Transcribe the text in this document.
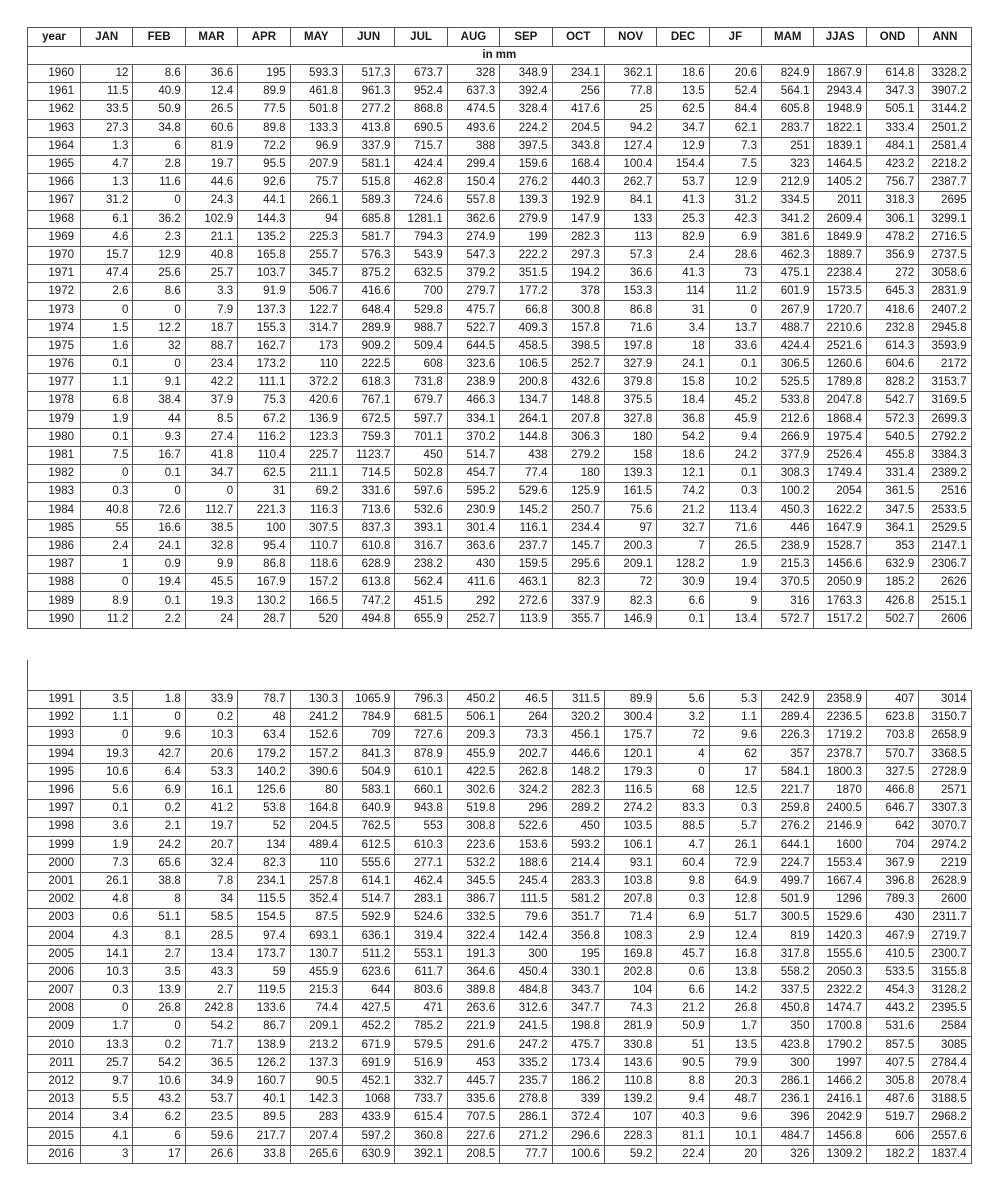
year	JAN	FEB	MAR	APR	MAY	JUN	JUL	AUG	SEP	OCT	NOV	DEC	JF	MAM	JJAS	OND	ANN
in mm																	
1960	12	8.6	36.6	195	593.3	517.3	673.7	328	348.9	234.1	362.1	18.6	20.6	824.9	1867.9	614.8	3328.2
1961	11.5	40.9	12.4	89.9	461.8	961.3	952.4	637.3	392.4	256	77.8	13.5	52.4	564.1	2943.4	347.3	3907.2
1962	33.5	50.9	26.5	77.5	501.8	277.2	868.8	474.5	328.4	417.6	25	62.5	84.4	605.8	1948.9	505.1	3144.2
1963	27.3	34.8	60.6	89.8	133.3	413.8	690.5	493.6	224.2	204.5	94.2	34.7	62.1	283.7	1822.1	333.4	2501.2
1964	1.3	6	81.9	72.2	96.9	337.9	715.7	388	397.5	343.8	127.4	12.9	7.3	251	1839.1	484.1	2581.4
1965	4.7	2.8	19.7	95.5	207.9	581.1	424.4	299.4	159.6	168.4	100.4	154.4	7.5	323	1464.5	423.2	2218.2
1966	1.3	11.6	44.6	92.6	75.7	515.8	462.8	150.4	276.2	440.3	262.7	53.7	12.9	212.9	1405.2	756.7	2387.7
1967	31.2	0	24.3	44.1	266.1	589.3	724.6	557.8	139.3	192.9	84.1	41.3	31.2	334.5	2011	318.3	2695
1968	6.1	36.2	102.9	144.3	94	685.8	1281.1	362.6	279.9	147.9	133	25.3	42.3	341.2	2609.4	306.1	3299.1
1969	4.6	2.3	21.1	135.2	225.3	581.7	794.3	274.9	199	282.3	113	82.9	6.9	381.6	1849.9	478.2	2716.5
1970	15.7	12.9	40.8	165.8	255.7	576.3	543.9	547.3	222.2	297.3	57.3	2.4	28.6	462.3	1889.7	356.9	2737.5
1971	47.4	25.6	25.7	103.7	345.7	875.2	632.5	379.2	351.5	194.2	36.6	41.3	73	475.1	2238.4	272	3058.6
1972	2.6	8.6	3.3	91.9	506.7	416.6	700	279.7	177.2	378	153.3	114	11.2	601.9	1573.5	645.3	2831.9
1973	0	0	7.9	137.3	122.7	648.4	529.8	475.7	66.8	300.8	86.8	31	0	267.9	1720.7	418.6	2407.2
1974	1.5	12.2	18.7	155.3	314.7	289.9	988.7	522.7	409.3	157.8	71.6	3.4	13.7	488.7	2210.6	232.8	2945.8
1975	1.6	32	88.7	162.7	173	909.2	509.4	644.5	458.5	398.5	197.8	18	33.6	424.4	2521.6	614.3	3593.9
1976	0.1	0	23.4	173.2	110	222.5	608	323.6	106.5	252.7	327.9	24.1	0.1	306.5	1260.6	604.6	2172
1977	1.1	9.1	42.2	111.1	372.2	618.3	731.8	238.9	200.8	432.6	379.8	15.8	10.2	525.5	1789.8	828.2	3153.7
1978	6.8	38.4	37.9	75.3	420.6	767.1	679.7	466.3	134.7	148.8	375.5	18.4	45.2	533.8	2047.8	542.7	3169.5
1979	1.9	44	8.5	67.2	136.9	672.5	597.7	334.1	264.1	207.8	327.8	36.8	45.9	212.6	1868.4	572.3	2699.3
1980	0.1	9.3	27.4	116.2	123.3	759.3	701.1	370.2	144.8	306.3	180	54.2	9.4	266.9	1975.4	540.5	2792.2
1981	7.5	16.7	41.8	110.4	225.7	1123.7	450	514.7	438	279.2	158	18.6	24.2	377.9	2526.4	455.8	3384.3
1982	0	0.1	34.7	62.5	211.1	714.5	502.8	454.7	77.4	180	139.3	12.1	0.1	308.3	1749.4	331.4	2389.2
1983	0.3	0	0	31	69.2	331.6	597.6	595.2	529.6	125.9	161.5	74.2	0.3	100.2	2054	361.5	2516
1984	40.8	72.6	112.7	221.3	116.3	713.6	532.6	230.9	145.2	250.7	75.6	21.2	113.4	450.3	1622.2	347.5	2533.5
1985	55	16.6	38.5	100	307.5	837.3	393.1	301.4	116.1	234.4	97	32.7	71.6	446	1647.9	364.1	2529.5
1986	2.4	24.1	32.8	95.4	110.7	610.8	316.7	363.6	237.7	145.7	200.3	7	26.5	238.9	1528.7	353	2147.1
1987	1	0.9	9.9	86.8	118.6	628.9	238.2	430	159.5	295.6	209.1	128.2	1.9	215.3	1456.6	632.9	2306.7
1988	0	19.4	45.5	167.9	157.2	613.8	562.4	411.6	463.1	82.3	72	30.9	19.4	370.5	2050.9	185.2	2626
1989	8.9	0.1	19.3	130.2	166.5	747.2	451.5	292	272.6	337.9	82.3	6.6	9	316	1763.3	426.8	2515.1
1990	11.2	2.2	24	28.7	520	494.8	655.9	252.7	113.9	355.7	146.9	0.1	13.4	572.7	1517.2	502.7	2606
1991	3.5	1.8	33.9	78.7	130.3	1065.9	796.3	450.2	46.5	311.5	89.9	5.6	5.3	242.9	2358.9	407	3014
1992	1.1	0	0.2	48	241.2	784.9	681.5	506.1	264	320.2	300.4	3.2	1.1	289.4	2236.5	623.8	3150.7
1993	0	9.6	10.3	63.4	152.6	709	727.6	209.3	73.3	456.1	175.7	72	9.6	226.3	1719.2	703.8	2658.9
1994	19.3	42.7	20.6	179.2	157.2	841.3	878.9	455.9	202.7	446.6	120.1	4	62	357	2378.7	570.7	3368.5
1995	10.6	6.4	53.3	140.2	390.6	504.9	610.1	422.5	262.8	148.2	179.3	0	17	584.1	1800.3	327.5	2728.9
1996	5.6	6.9	16.1	125.6	80	583.1	660.1	302.6	324.2	282.3	116.5	68	12.5	221.7	1870	466.8	2571
1997	0.1	0.2	41.2	53.8	164.8	640.9	943.8	519.8	296	289.2	274.2	83.3	0.3	259.8	2400.5	646.7	3307.3
1998	3.6	2.1	19.7	52	204.5	762.5	553	308.8	522.6	450	103.5	88.5	5.7	276.2	2146.9	642	3070.7
1999	1.9	24.2	20.7	134	489.4	612.5	610.3	223.6	153.6	593.2	106.1	4.7	26.1	644.1	1600	704	2974.2
2000	7.3	65.6	32.4	82.3	110	555.6	277.1	532.2	188.6	214.4	93.1	60.4	72.9	224.7	1553.4	367.9	2219
2001	26.1	38.8	7.8	234.1	257.8	614.1	462.4	345.5	245.4	283.3	103.8	9.8	64.9	499.7	1667.4	396.8	2628.9
2002	4.8	8	34	115.5	352.4	514.7	283.1	386.7	111.5	581.2	207.8	0.3	12.8	501.9	1296	789.3	2600
2003	0.6	51.1	58.5	154.5	87.5	592.9	524.6	332.5	79.6	351.7	71.4	6.9	51.7	300.5	1529.6	430	2311.7
2004	4.3	8.1	28.5	97.4	693.1	636.1	319.4	322.4	142.4	356.8	108.3	2.9	12.4	819	1420.3	467.9	2719.7
2005	14.1	2.7	13.4	173.7	130.7	511.2	553.1	191.3	300	195	169.8	45.7	16.8	317.8	1555.6	410.5	2300.7
2006	10.3	3.5	43.3	59	455.9	623.6	611.7	364.6	450.4	330.1	202.8	0.6	13.8	558.2	2050.3	533.5	3155.8
2007	0.3	13.9	2.7	119.5	215.3	644	803.6	389.8	484.8	343.7	104	6.6	14.2	337.5	2322.2	454.3	3128.2
2008	0	26.8	242.8	133.6	74.4	427.5	471	263.6	312.6	347.7	74.3	21.2	26.8	450.8	1474.7	443.2	2395.5
2009	1.7	0	54.2	86.7	209.1	452.2	785.2	221.9	241.5	198.8	281.9	50.9	1.7	350	1700.8	531.6	2584
2010	13.3	0.2	71.7	138.9	213.2	671.9	579.5	291.6	247.2	475.7	330.8	51	13.5	423.8	1790.2	857.5	3085
2011	25.7	54.2	36.5	126.2	137.3	691.9	516.9	453	335.2	173.4	143.6	90.5	79.9	300	1997	407.5	2784.4
2012	9.7	10.6	34.9	160.7	90.5	452.1	332.7	445.7	235.7	186.2	110.8	8.8	20.3	286.1	1466.2	305.8	2078.4
2013	5.5	43.2	53.7	40.1	142.3	1068	733.7	335.6	278.8	339	139.2	9.4	48.7	236.1	2416.1	487.6	3188.5
2014	3.4	6.2	23.5	89.5	283	433.9	615.4	707.5	286.1	372.4	107	40.3	9.6	396	2042.9	519.7	2968.2
2015	4.1	6	59.6	217.7	207.4	597.2	360.8	227.6	271.2	296.6	228.3	81.1	10.1	484.7	1456.8	606	2557.6
2016	3	17	26.6	33.8	265.6	630.9	392.1	208.5	77.7	100.6	59.2	22.4	20	326	1309.2	182.2	1837.4
